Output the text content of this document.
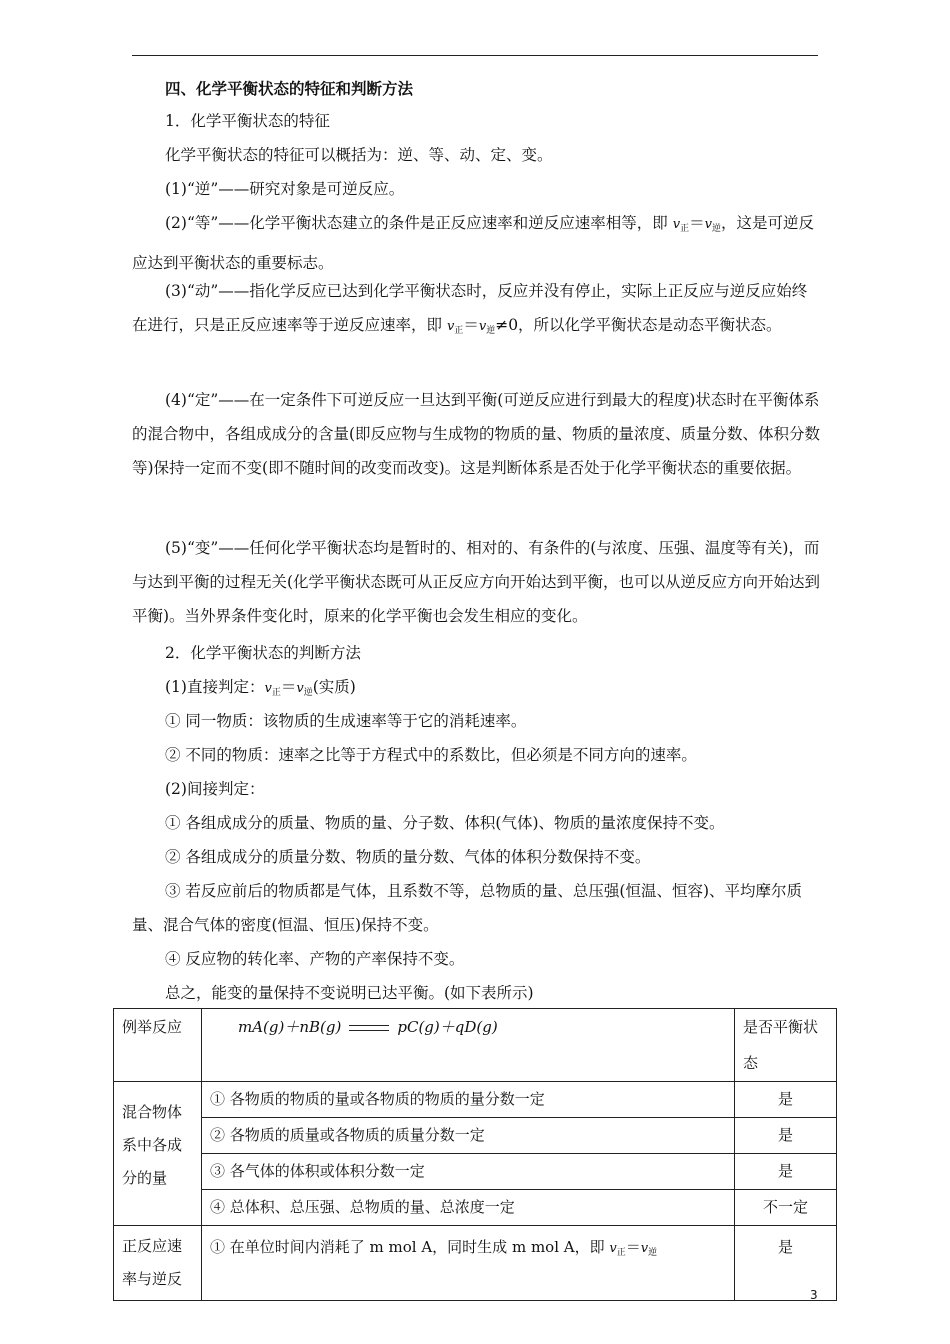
四、化学平衡状态的特征和判断方法

1．化学平衡状态的特征

化学平衡状态的特征可以概括为：逆、等、动、定、变。

(1)“逆”——研究对象是可逆反应。

(2)“等”——化学平衡状态建立的条件是正反应速率和逆反应速率相等，即 $v_正=v_逆$，这是可逆反应达到平衡状态的重要标志。

(3)“动”——指化学反应已达到化学平衡状态时，反应并没有停止，实际上正反应与逆反应始终在进行，只是正反应速率等于逆反应速率，即 $v_正=v_逆\ne 0$，所以化学平衡状态是动态平衡状态。

(4)“定”——在一定条件下可逆反应一旦达到平衡(可逆反应进行到最大的程度)状态时在平衡体系的混合物中，各组成成分的含量(即反应物与生成物的物质的量、物质的量浓度、质量分数、体积分数等)保持一定而不变(即不随时间的改变而改变)。这是判断体系是否处于化学平衡状态的重要依据。

(5)“变”——任何化学平衡状态均是暂时的、相对的、有条件的(与浓度、压强、温度等有关)，而与达到平衡的过程无关(化学平衡状态既可从正反应方向开始达到平衡，也可以从逆反应方向开始达到平衡)。当外界条件变化时，原来的化学平衡也会发生相应的变化。

2．化学平衡状态的判断方法

(1)直接判定：$v_正=v_逆$(实质)

① 同一物质：该物质的生成速率等于它的消耗速率。

② 不同的物质：速率之比等于方程式中的系数比，但必须是不同方向的速率。

(2)间接判定：

① 各组成成分的质量、物质的量、分子数、体积(气体)、物质的量浓度保持不变。

② 各组成成分的质量分数、物质的量分数、气体的体积分数保持不变。

③ 若反应前后的物质都是气体，且系数不等，总物质的量、总压强(恒温、恒容)、平均摩尔质量、混合气体的密度(恒温、恒压)保持不变。

④ 反应物的转化率、产物的产率保持不变。

总之，能变的量保持不变说明已达平衡。(如下表所示)

例举反应	mA(g)＋nB(g) pC(g)＋qD(g)	是否平衡状态
混合物体系中各成分的量	① 各物质的物质的量或各物质的物质的量分数一定	是
	② 各物质的质量或各物质的质量分数一定	是
	③ 各气体的体积或体积分数一定	是
	④ 总体积、总压强、总物质的量、总浓度一定	不一定
正反应速率与逆反	① 在单位时间内消耗了 m mol A，同时生成 m mol A，即 $v_正=v_逆$	是
3
